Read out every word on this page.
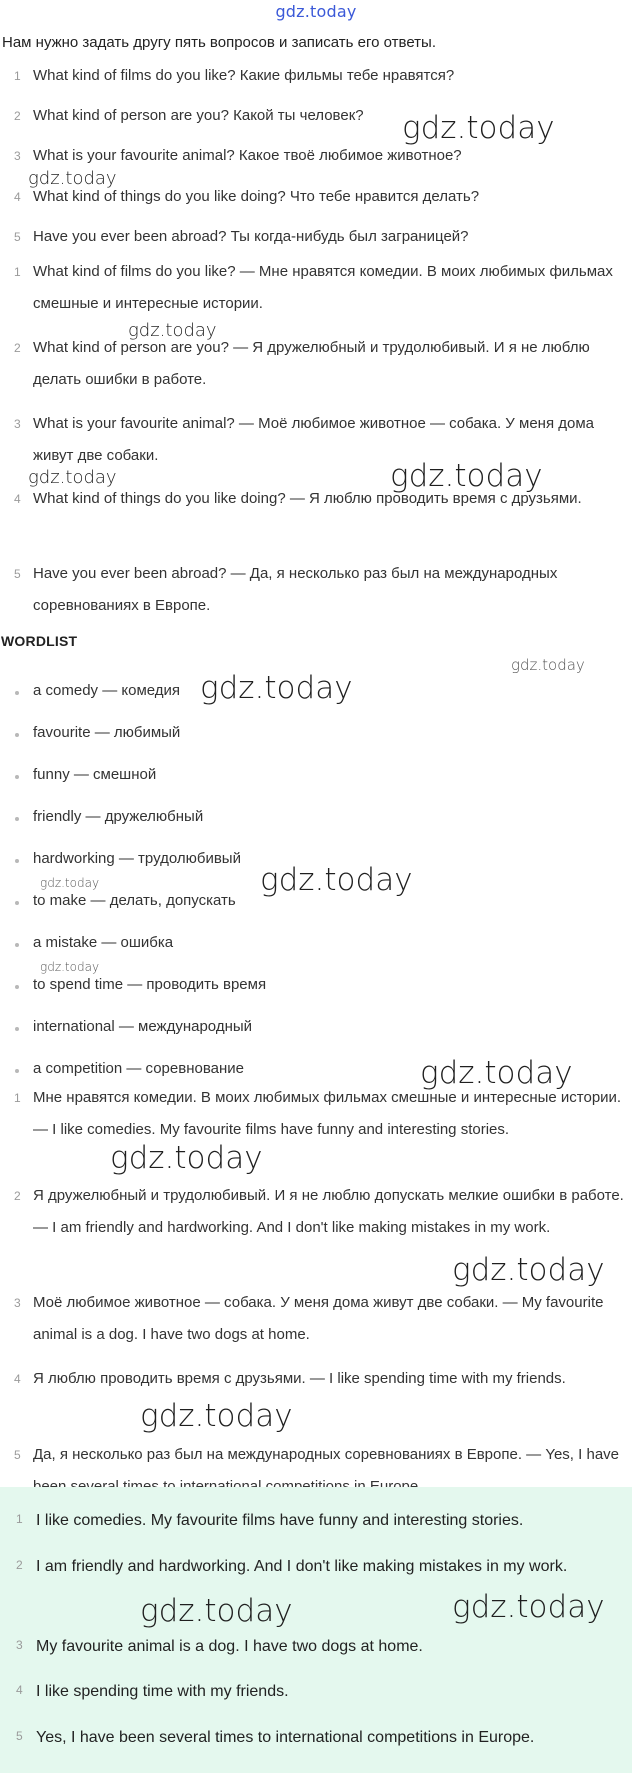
gdz.today
Нам нужно задать другу пять вопросов и записать его ответы.
1 What kind of films do you like? Какие фильмы тебе нравятся?
2 What kind of person are you? Какой ты человек?
3 What is your favourite animal? Какое твоё любимое животное?
4 What kind of things do you like doing? Что тебе нравится делать?
5 Have you ever been abroad? Ты когда-нибудь был заграницей?
1 What kind of films do you like? — Мне нравятся комедии. В моих любимых фильмах смешные и интересные истории.
2 What kind of person are you? — Я дружелюбный и трудолюбивый. И я не люблю делать ошибки в работе.
3 What is your favourite animal? — Моё любимое животное — собака. У меня дома живут две собаки.
4 What kind of things do you like doing? — Я люблю проводить время с друзьями.
5 Have you ever been abroad? — Да, я несколько раз был на международных соревнованиях в Европе.
WORDLIST
a comedy — комедия
favourite — любимый
funny — смешной
friendly — дружелюбный
hardworking — трудолюбивый
to make — делать, допускать
a mistake — ошибка
to spend time — проводить время
international — международный
a competition — соревнование
1 Мне нравятся комедии. В моих любимых фильмах смешные и интересные истории. — I like comedies. My favourite films have funny and interesting stories.
2 Я дружелюбный и трудолюбивый. И я не люблю допускать мелкие ошибки в работе. — I am friendly and hardworking. And I don't like making mistakes in my work.
3 Моё любимое животное — собака. У меня дома живут две собаки. — My favourite animal is a dog. I have two dogs at home.
4 Я люблю проводить время с друзьями. — I like spending time with my friends.
5 Да, я несколько раз был на международных соревнованиях в Европе. — Yes, I have
1 I like comedies. My favourite films have funny and interesting stories.
2 I am friendly and hardworking. And I don't like making mistakes in my work.
3 My favourite animal is a dog. I have two dogs at home.
4 I like spending time with my friends.
5 Yes, I have been several times to international competitions in Europe.
gdz.today
gdz.today
gdz.today
gdz.today
gdz.today
gdz.today
gdz.today
gdz.today	gdz.today
gdz.today
gdz.today
gdz.today
gdz.today
gdz.today
gdz.today	gdz.today
